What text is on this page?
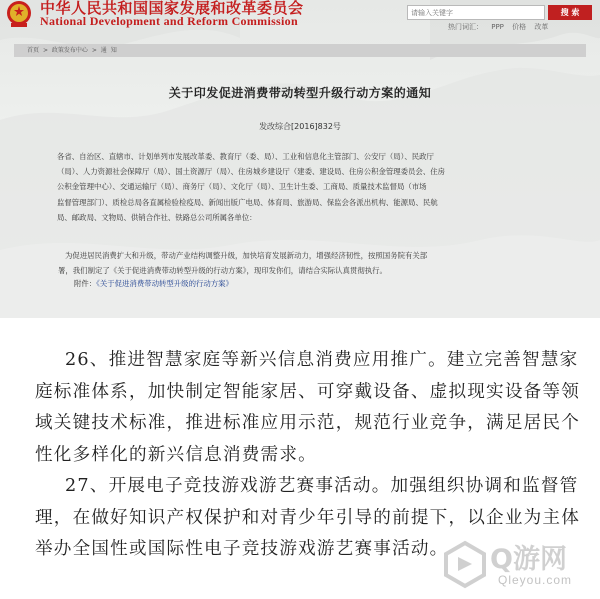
中华人民共和国国家发展和改革委员会
National Development and Reform Commission
请输入关键字
搜 索
热门词汇： PPP 价格 改革
首页 > 政策发布中心 > 通 知
关于印发促进消费带动转型升级行动方案的通知
发改综合[2016]832号
各省、自治区、直辖市、计划单列市发展改革委、教育厅（委、局）、工业和信息化主管部门、公安厅（局）、民政厅
（局）、人力资源社会保障厅（局）、国土资源厅（局）、住房城乡建设厅（建委、建设局、住房公积金管理委员会、住房
公积金管理中心）、交通运输厅（局）、商务厅（局）、文化厅（局）、卫生计生委、工商局、质量技术监督局（市场
监督管理部门）、质检总局各直属检验检疫局、新闻出版广电局、体育局、旅游局、保监会各派出机构、能源局、民航
局、邮政局、文物局、供销合作社、铁路总公司所属各单位：
为促进居民消费扩大和升级，带动产业结构调整升级，加快培育发展新动力，增强经济韧性，按照国务院有关部
署，我们制定了《关于促进消费带动转型升级的行动方案》，现印发你们，请结合实际认真贯彻执行。
附件：《关于促进消费带动转型升级的行动方案》
26、推进智慧家庭等新兴信息消费应用推广。建立完善智慧家
庭标准体系，加快制定智能家居、可穿戴设备、虚拟现实设备等领
域关键技术标准，推进标准应用示范，规范行业竞争，满足居民个
性化多样化的新兴信息消费需求。
27、开展电子竞技游戏游艺赛事活动。加强组织协调和监督管
理，在做好知识产权保护和对青少年引导的前提下，以企业为主体
举办全国性或国际性电子竞技游戏游艺赛事活动。	Q游网
Qleyou.com
